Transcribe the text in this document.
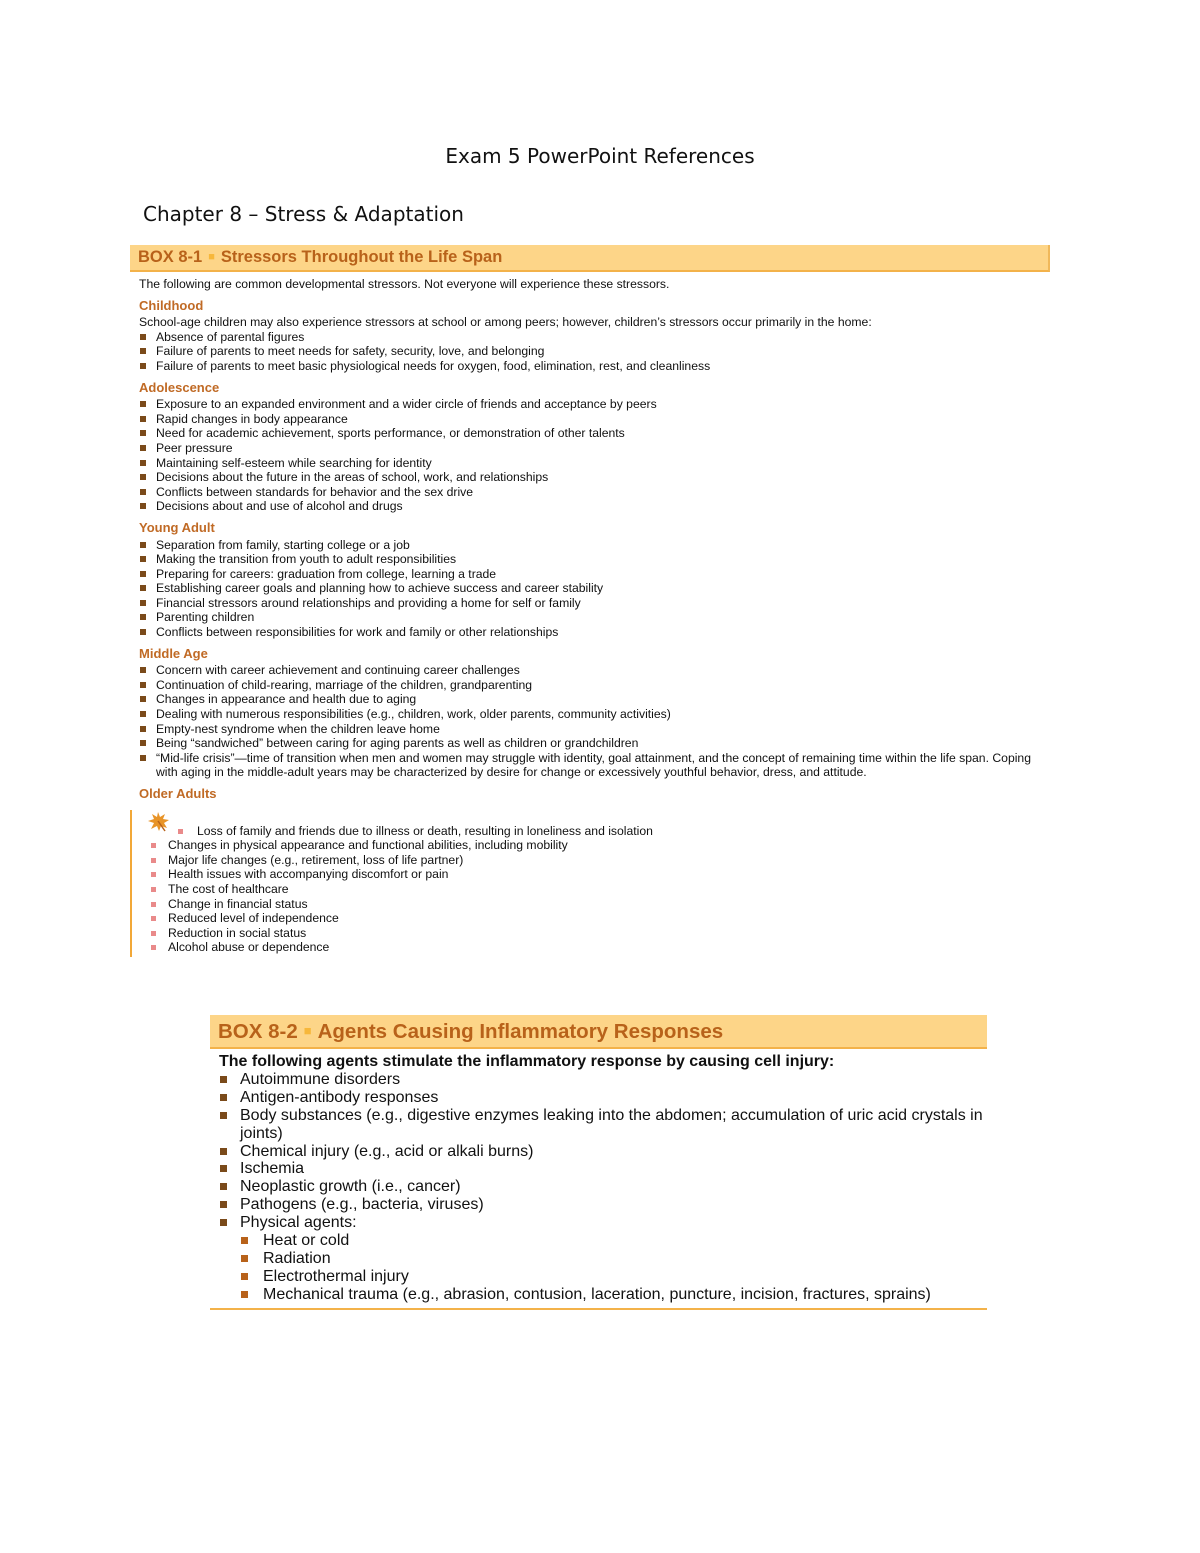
Exam 5 PowerPoint References
Chapter 8 – Stress & Adaptation
BOX 8-1 ■ Stressors Throughout the Life Span
The following are common developmental stressors. Not everyone will experience these stressors.
Childhood
School-age children may also experience stressors at school or among peers; however, children’s stressors occur primarily in the home:
Absence of parental figures
Failure of parents to meet needs for safety, security, love, and belonging
Failure of parents to meet basic physiological needs for oxygen, food, elimination, rest, and cleanliness
Adolescence
Exposure to an expanded environment and a wider circle of friends and acceptance by peers
Rapid changes in body appearance
Need for academic achievement, sports performance, or demonstration of other talents
Peer pressure
Maintaining self-esteem while searching for identity
Decisions about the future in the areas of school, work, and relationships
Conflicts between standards for behavior and the sex drive
Decisions about and use of alcohol and drugs
Young Adult
Separation from family, starting college or a job
Making the transition from youth to adult responsibilities
Preparing for careers: graduation from college, learning a trade
Establishing career goals and planning how to achieve success and career stability
Financial stressors around relationships and providing a home for self or family
Parenting children
Conflicts between responsibilities for work and family or other relationships
Middle Age
Concern with career achievement and continuing career challenges
Continuation of child-rearing, marriage of the children, grandparenting
Changes in appearance and health due to aging
Dealing with numerous responsibilities (e.g., children, work, older parents, community activities)
Empty-nest syndrome when the children leave home
Being “sandwiched” between caring for aging parents as well as children or grandchildren
“Mid-life crisis”—time of transition when men and women may struggle with identity, goal attainment, and the concept of remaining time within the life span. Coping with aging in the middle-adult years may be characterized by desire for change or excessively youthful behavior, dress, and attitude.
Older Adults
Loss of family and friends due to illness or death, resulting in loneliness and isolation
Changes in physical appearance and functional abilities, including mobility
Major life changes (e.g., retirement, loss of life partner)
Health issues with accompanying discomfort or pain
The cost of healthcare
Change in financial status
Reduced level of independence
Reduction in social status
Alcohol abuse or dependence
BOX 8-2 ■ Agents Causing Inflammatory Responses
The following agents stimulate the inflammatory response by causing cell injury:
Autoimmune disorders
Antigen-antibody responses
Body substances (e.g., digestive enzymes leaking into the abdomen; accumulation of uric acid crystals in joints)
Chemical injury (e.g., acid or alkali burns)
Ischemia
Neoplastic growth (i.e., cancer)
Pathogens (e.g., bacteria, viruses)
Physical agents:
Heat or cold
Radiation
Electrothermal injury
Mechanical trauma (e.g., abrasion, contusion, laceration, puncture, incision, fractures, sprains)
